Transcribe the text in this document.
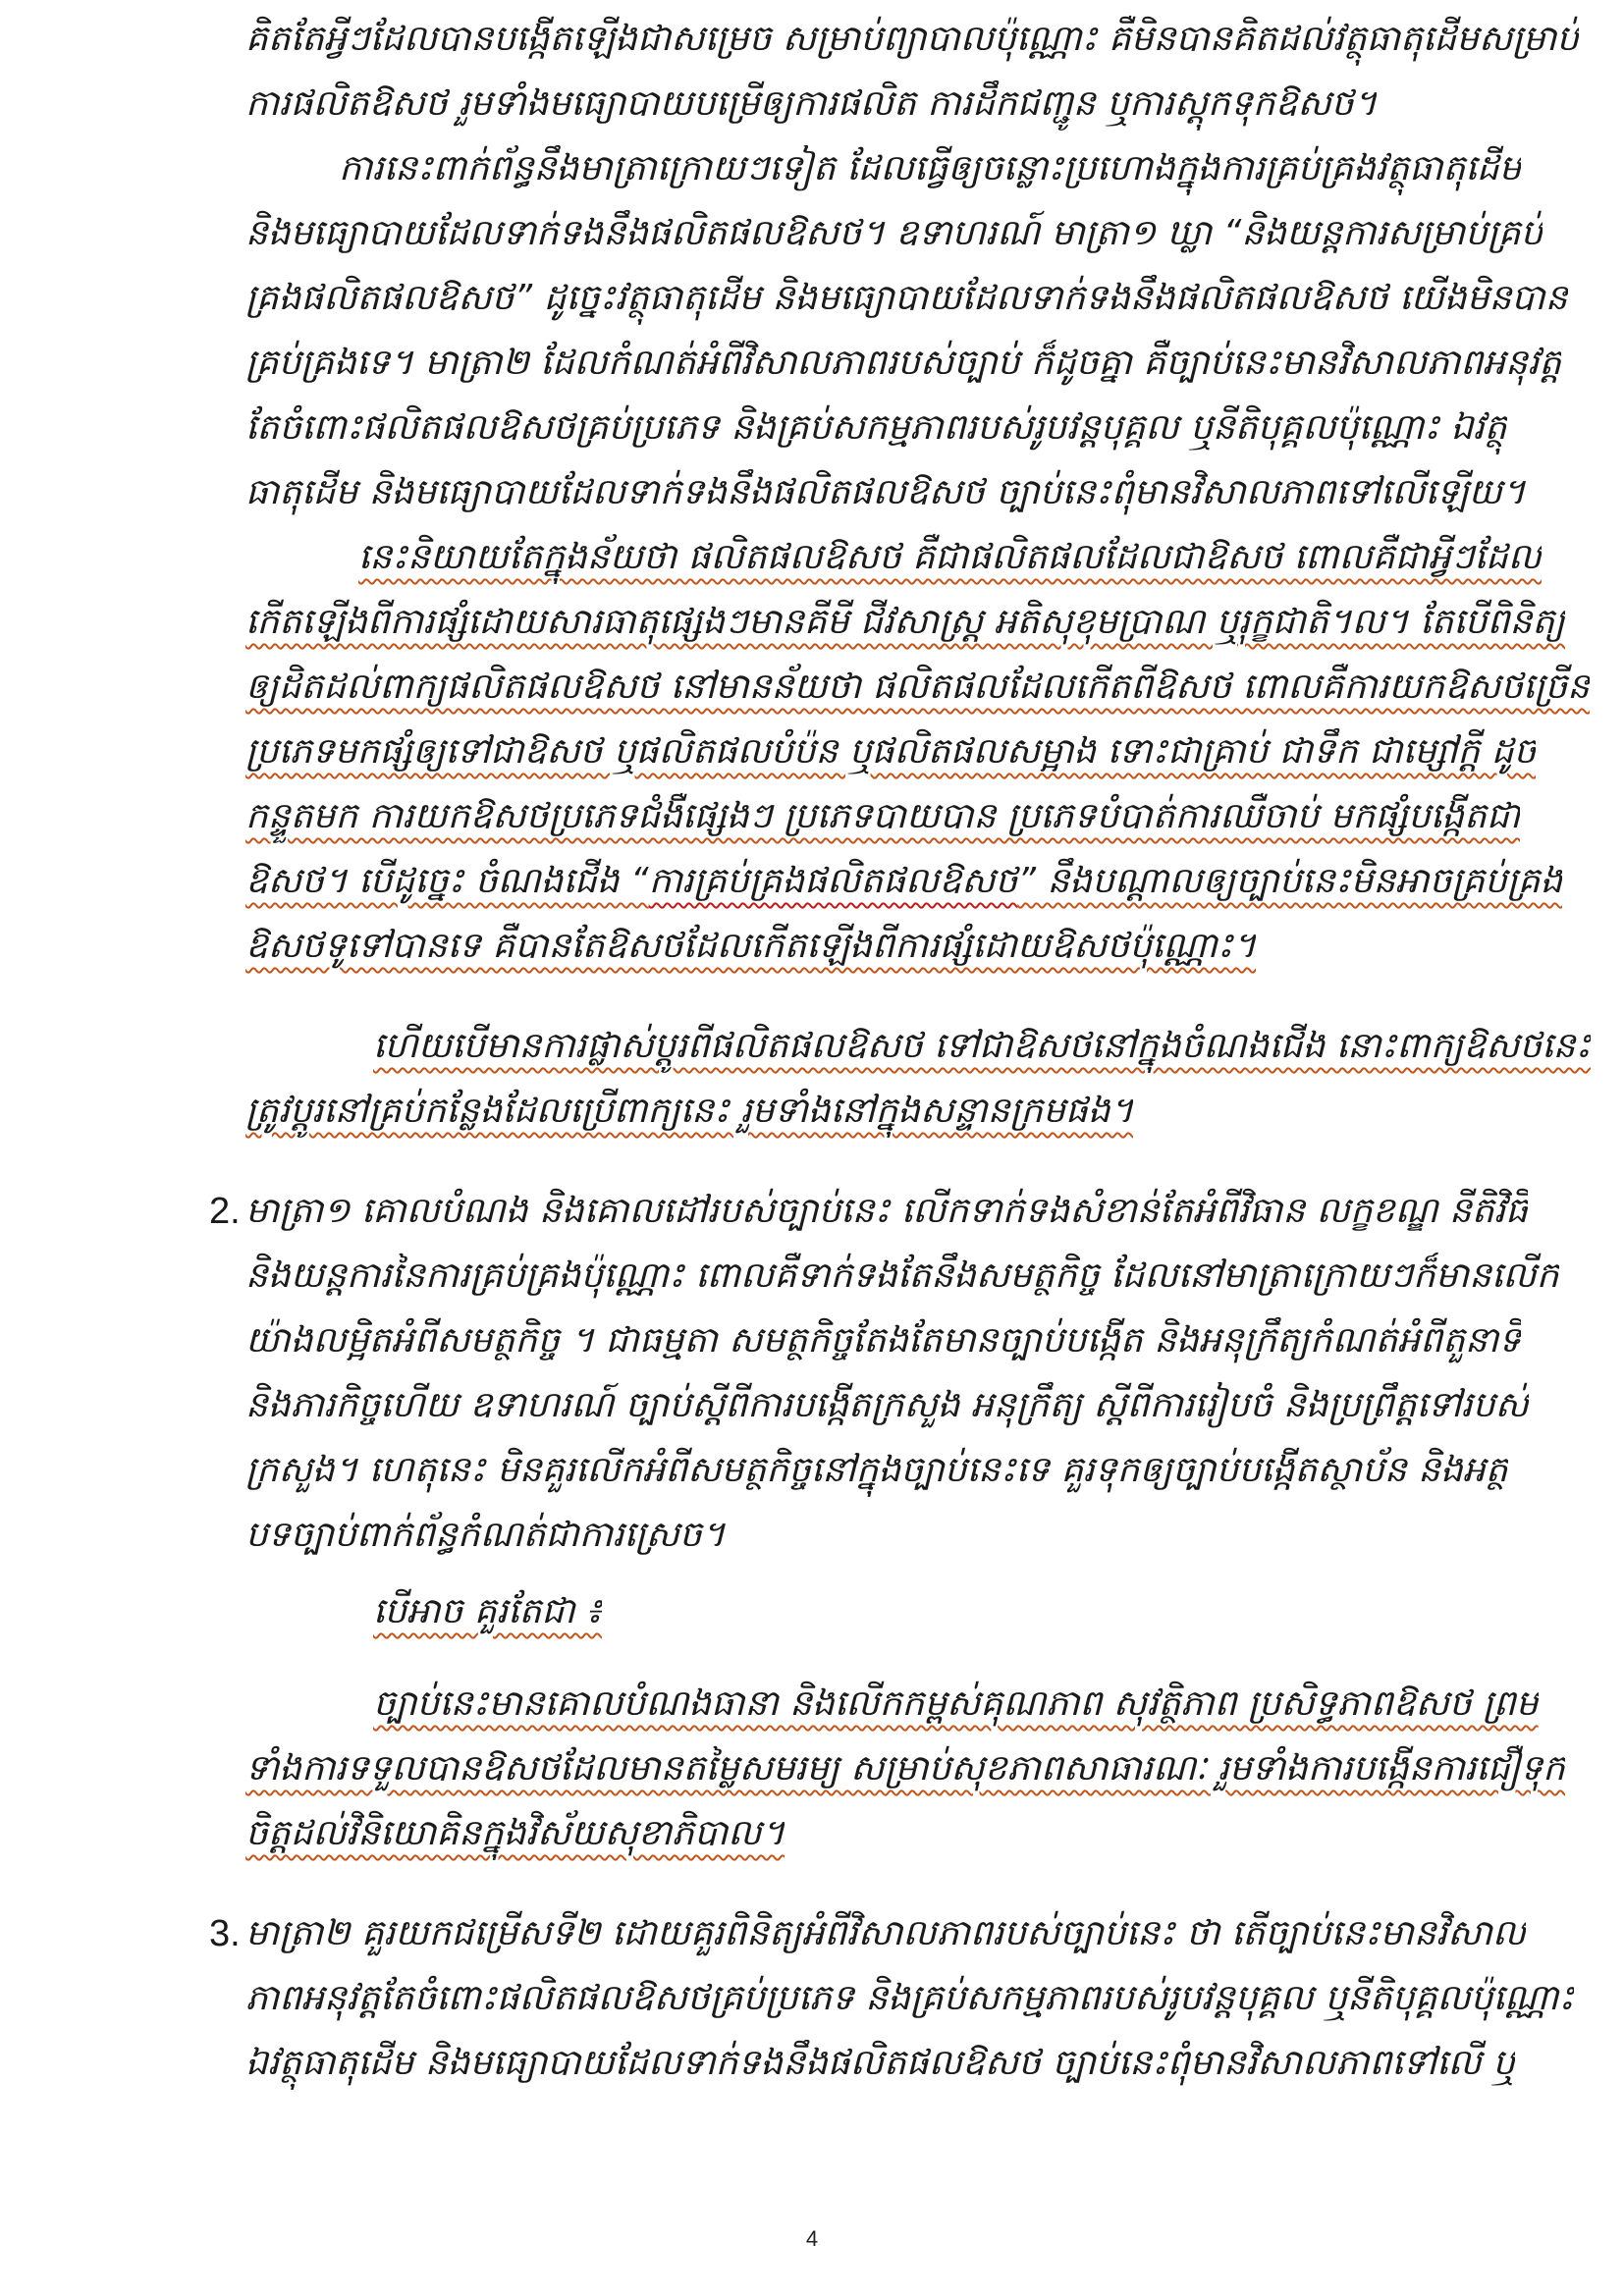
គិតតែអ្វីៗដែលបានបង្កើតឡើងជាសម្រេច សម្រាប់ព្យាបាលប៉ុណ្ណោះ គឺមិនបានគិតដល់វត្ថុធាតុដើមសម្រាប់
ការផលិតឱសថ រួមទាំងមធ្យោបាយបម្រើឲ្យការផលិត ការដឹកជញ្ជូន ឬការស្តុកទុកឱសថ។
ការនេះពាក់ព័ន្ធនឹងមាត្រាក្រោយៗទៀត ដែលធ្វើឲ្យចន្លោះប្រហោងក្នុងការគ្រប់គ្រងវត្ថុធាតុដើម
និងមធ្យោបាយដែលទាក់ទងនឹងផលិតផលឱសថ។ ឧទាហរណ៍ មាត្រា១ ឃ្លា “និងយន្តការសម្រាប់គ្រប់
គ្រងផលិតផលឱសថ” ដូច្នេះវត្ថុធាតុដើម និងមធ្យោបាយដែលទាក់ទងនឹងផលិតផលឱសថ យើងមិនបាន
គ្រប់គ្រងទេ។ មាត្រា២ ដែលកំណត់អំពីវិសាលភាពរបស់ច្បាប់ ក៏ដូចគ្នា គឺច្បាប់នេះមានវិសាលភាពអនុវត្ត
តែចំពោះផលិតផលឱសថគ្រប់ប្រភេទ និងគ្រប់សកម្មភាពរបស់រូបវន្តបុគ្គល ឬនីតិបុគ្គលប៉ុណ្ណោះ ឯវត្ថុ
ធាតុដើម និងមធ្យោបាយដែលទាក់ទងនឹងផលិតផលឱសថ ច្បាប់នេះពុំមានវិសាលភាពទៅលើឡើយ។
នេះនិយាយតែក្នុងន័យថា ផលិតផលឱសថ គឺជាផលិតផលដែលជាឱសថ ពោលគឺជាអ្វីៗដែល
កើតឡើងពីការផ្សំដោយសារធាតុផ្សេងៗមានគីមី ជីវសាស្ត្រ អតិសុខុមប្រាណ ឬរុក្ខជាតិ។ល។ តែបើពិនិត្យ
ឲ្យដិតដល់ពាក្យផលិតផលឱសថ នៅមានន័យថា ផលិតផលដែលកើតពីឱសថ ពោលគឺការយកឱសថច្រើន
ប្រភេទមកផ្សំឲ្យទៅជាឱសថ ឬផលិតផលបំប៉ន ឬផលិតផលសម្អាង ទោះជាគ្រាប់ ជាទឹក ជាម្សៅក្តី ដូច
កន្ទួតមក ការយកឱសថប្រភេទជំងឺផ្សេងៗ ប្រភេទបាយបាន ប្រភេទបំបាត់ការឈឺចាប់ មកផ្សំបង្កើតជា
ឱសថ។ បើដូច្នេះ ចំណងជើង “ការគ្រប់គ្រងផលិតផលឱសថ” នឹងបណ្តាលឲ្យច្បាប់នេះមិនអាចគ្រប់គ្រង
ឱសថទូទៅបានទេ គឺបានតែឱសថដែលកើតឡើងពីការផ្សំដោយឱសថប៉ុណ្ណោះ។
ហើយបើមានការផ្លាស់ប្តូរពីផលិតផលឱសថ ទៅជាឱសថនៅក្នុងចំណងជើង នោះពាក្យឱសថនេះ
ត្រូវប្តូរនៅគ្រប់កន្លែងដែលប្រើពាក្យនេះ រួមទាំងនៅក្នុងសន្ទានក្រមផង។
2. មាត្រា១ គោលបំណង និងគោលដៅរបស់ច្បាប់នេះ លើកទាក់ទងសំខាន់តែអំពីវិធាន លក្ខខណ្ឌ នីតិវិធី
និងយន្តការនៃការគ្រប់គ្រងប៉ុណ្ណោះ ពោលគឺទាក់ទងតែនឹងសមត្ថកិច្ច ដែលនៅមាត្រាក្រោយៗក៏មានលើក
យ៉ាងលម្អិតអំពីសមត្ថកិច្ច ។ ជាធម្មតា សមត្ថកិច្ចតែងតែមានច្បាប់បង្កើត និងអនុក្រឹត្យកំណត់អំពីតួនាទី
និងភារកិច្ចហើយ ឧទាហរណ៍ ច្បាប់ស្តីពីការបង្កើតក្រសួង អនុក្រឹត្យ ស្តីពីការរៀបចំ និងប្រព្រឹត្តទៅរបស់
ក្រសួង។ ហេតុនេះ មិនគួរលើកអំពីសមត្ថកិច្ចនៅក្នុងច្បាប់នេះទេ គួរទុកឲ្យច្បាប់បង្កើតស្ថាប័ន និងអត្ថ
បទច្បាប់ពាក់ព័ន្ធកំណត់ជាការស្រេច។
បើអាច គួរតែជា ៖
ច្បាប់នេះមានគោលបំណងធានា និងលើកកម្ពស់គុណភាព សុវត្ថិភាព ប្រសិទ្ធភាពឱសថ ព្រម
ទាំងការទទួលបានឱសថដែលមានតម្លៃសមរម្យ សម្រាប់សុខភាពសាធារណៈ រួមទាំងការបង្កើនការជឿទុក
ចិត្តដល់វិនិយោគិនក្នុងវិស័យសុខាភិបាល។
3. មាត្រា២ គួរយកជម្រើសទី២ ដោយគួរពិនិត្យអំពីវិសាលភាពរបស់ច្បាប់នេះ ថា តើច្បាប់នេះមានវិសាល
ភាពអនុវត្តតែចំពោះផលិតផលឱសថគ្រប់ប្រភេទ និងគ្រប់សកម្មភាពរបស់រូបវន្តបុគ្គល ឬនីតិបុគ្គលប៉ុណ្ណោះ
ឯវត្ថុធាតុដើម និងមធ្យោបាយដែលទាក់ទងនឹងផលិតផលឱសថ ច្បាប់នេះពុំមានវិសាលភាពទៅលើ ឬ
4
